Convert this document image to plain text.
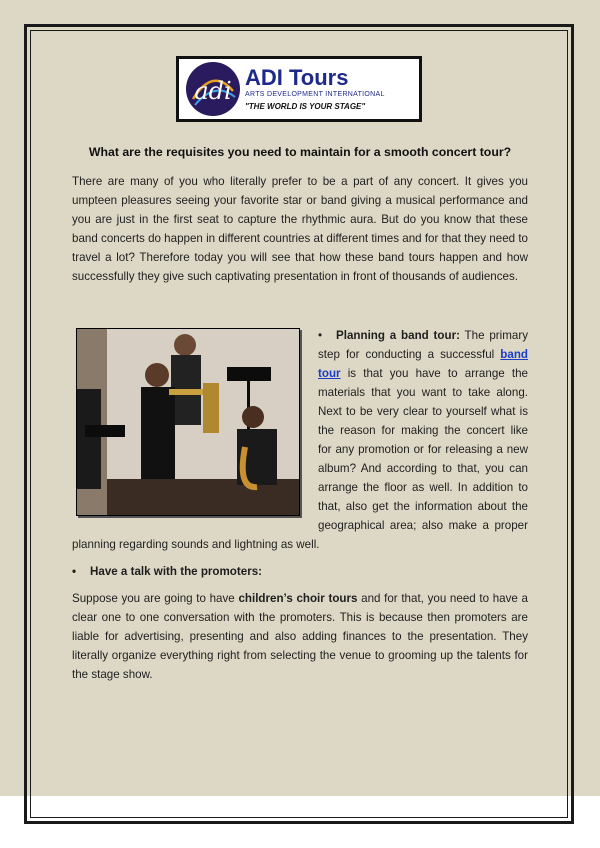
adi ADI Tours
ARTS DEVELOPMENT INTERNATIONAL
"THE WORLD IS YOUR STAGE"
What are the requisites you need to maintain for a smooth concert tour?

There are many of you who literally prefer to be a part of any concert. It gives you umpteen pleasures seeing your favorite star or band giving a musical performance and you are just in the first seat to capture the rhythmic aura. But do you know that these band concerts do happen in different countries at different times and for that they need to travel a lot? Therefore today you will see that how these band tours happen and how successfully they give such captivating presentation in front of thousands of audiences.

• Planning a band tour: The primary step for conducting a successful band tour is that you have to arrange the materials that you want to take along. Next to be very clear to yourself what is the reason for making the concert like for any promotion or for releasing a new album? And according to that, you can arrange the floor as well. In addition to that, also get the information about the geographical area; also make a proper planning regarding sounds and lightning as well.

• Have a talk with the promoters:

Suppose you are going to have children’s choir tours and for that, you need to have a clear one to one conversation with the promoters. This is because then promoters are liable for advertising, presenting and also adding finances to the presentation. They literally organize everything right from selecting the venue to grooming up the talents for the stage show.
